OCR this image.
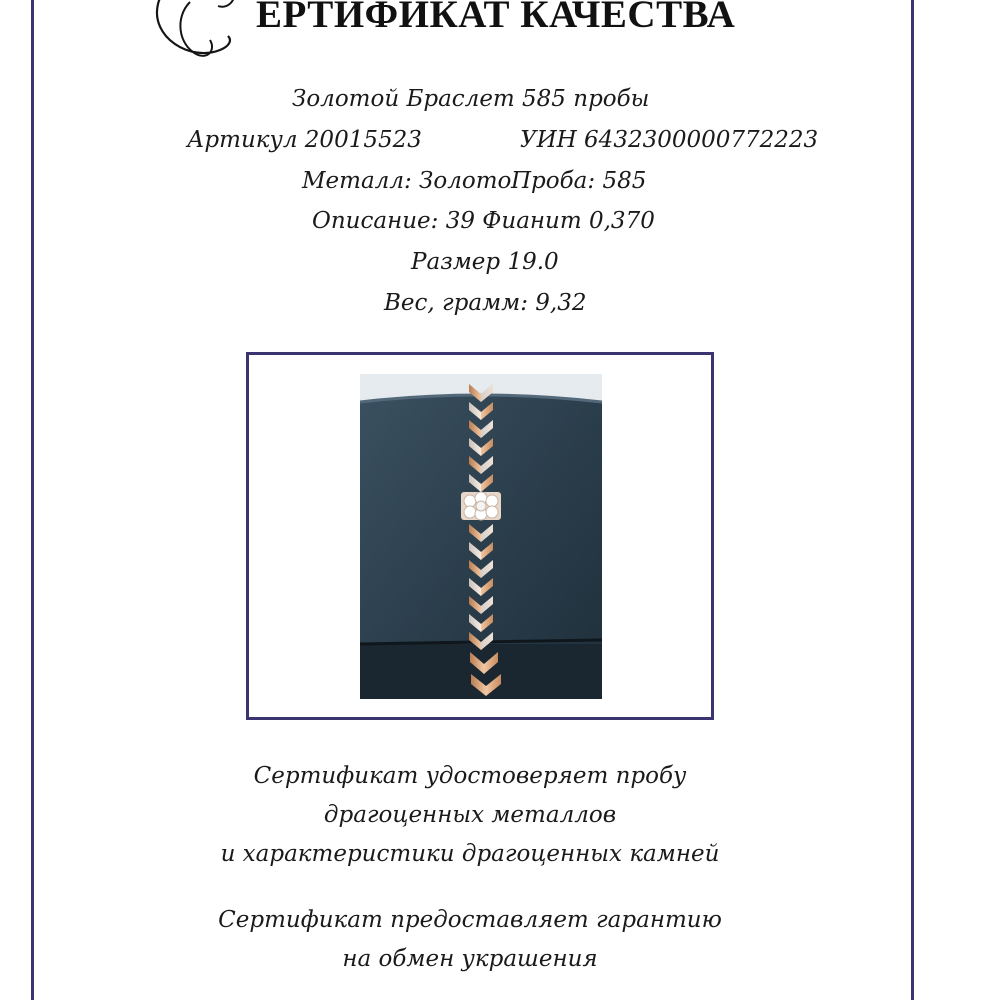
ЕРТИФИКАТ КАЧЕСТВА
Золотой Браслет 585 пробы
Артикул 20015523	УИН 6432300000772223
Металл: Золото Проба: 585
Описание: 39 Фианит 0,370
Размер 19.0
Вес, грамм: 9,32
Сертификат удостоверяет пробу
драгоценных металлов
и характеристики драгоценных камней
Сертификат предоставляет гарантию
на обмен украшения
